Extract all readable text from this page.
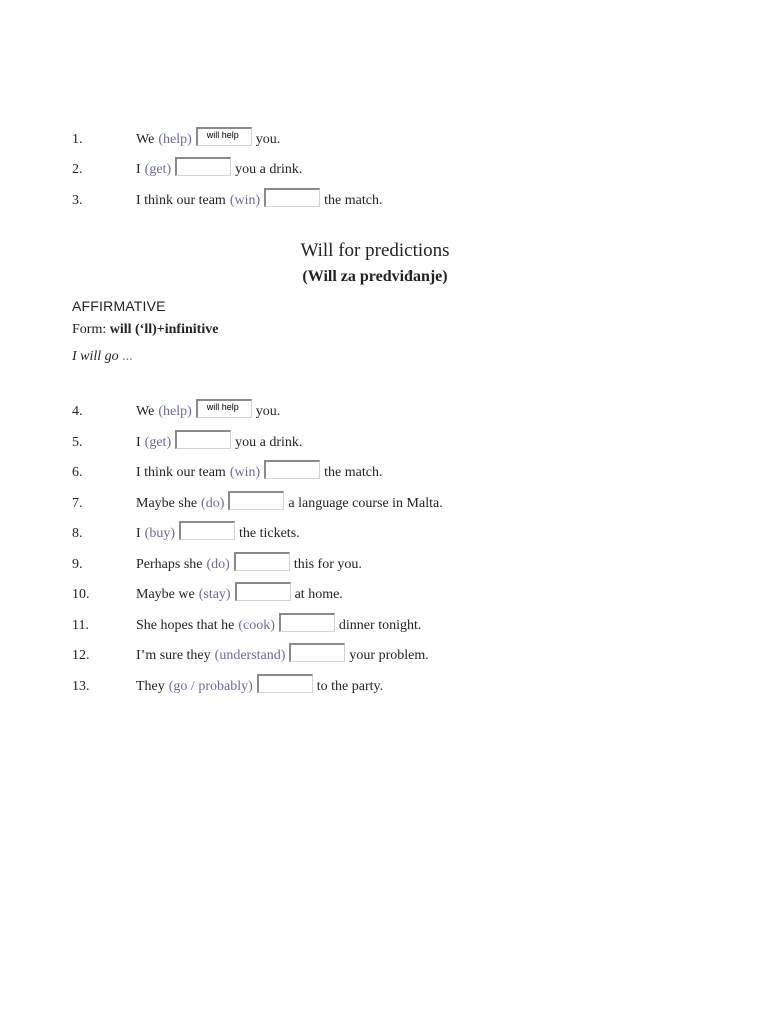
1.	We (help)	will help	you.
2.	I (get)	you a drink.
3.	I think our team (win)	the match.
Will for predictions
(Will za predviđanje)
AFFIRMATIVE
Form: will (‘ll)+infinitive
I will go ...
4.	We (help)	will help	you.
5.	I (get)	you a drink.
6.	I think our team (win)	the match.
7.	Maybe she (do)	a language course in Malta.
8.	I (buy)	the tickets.
9.	Perhaps she (do)	this for you.
10.	Maybe we (stay)	at home.
11.	She hopes that he (cook)	dinner tonight.
12.	I’m sure they (understand)	your problem.
13.	They (go / probably)	to the party.
